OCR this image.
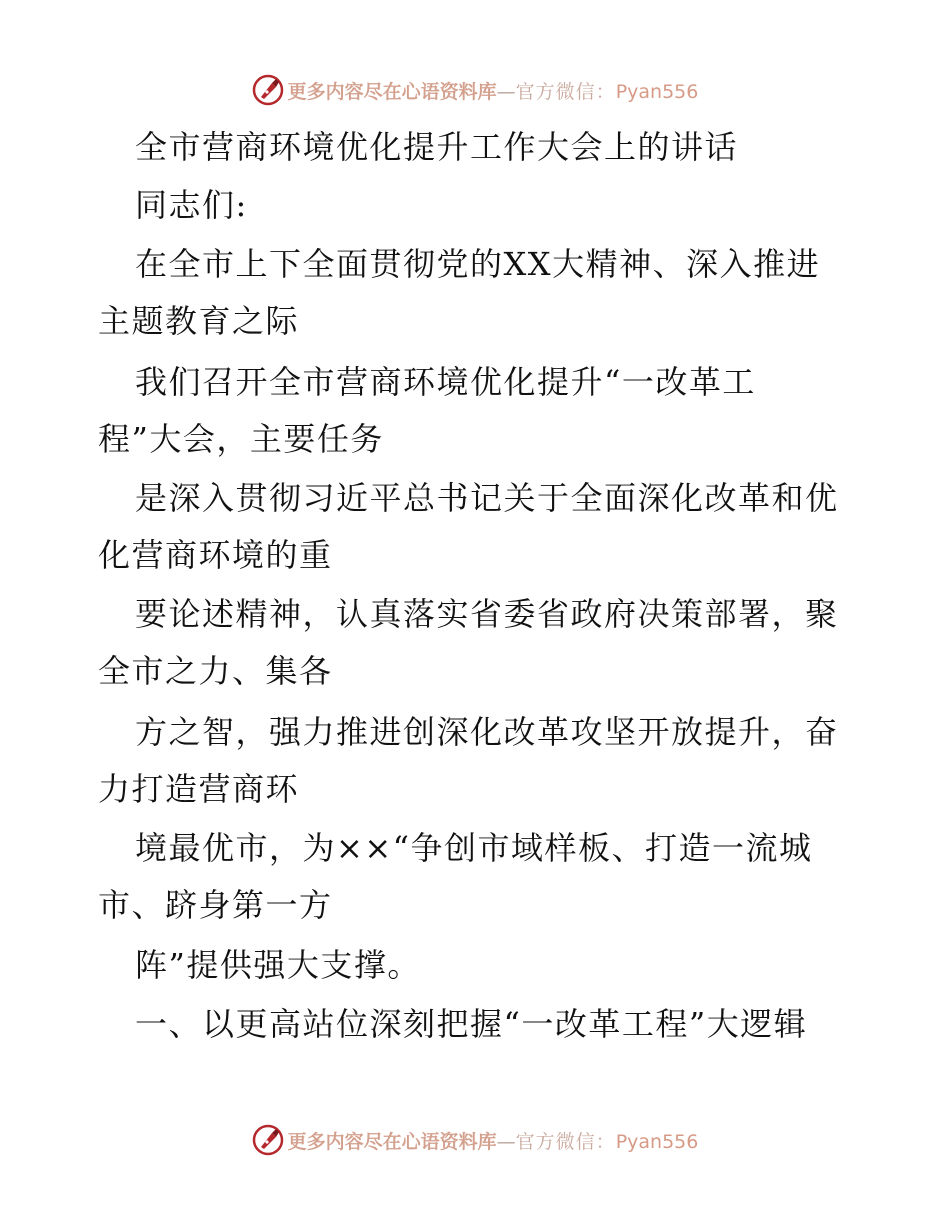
更多内容尽在心语资料库—官方微信：Pyan556
全市营商环境优化提升工作大会上的讲话
同志们:
在全市上下全面贯彻党的XX大精神、深入推进
主题教育之际
我们召开全市营商环境优化提升“一改革工
程”大会，主要任务
是深入贯彻习近平总书记关于全面深化改革和优
化营商环境的重
要论述精神，认真落实省委省政府决策部署，聚
全市之力、集各
方之智，强力推进创深化改革攻坚开放提升，奋
力打造营商环
境最优市，为××“争创市域样板、打造一流城
市、跻身第一方
阵”提供强大支撑。
一、以更高站位深刻把握“一改革工程”大逻辑
更多内容尽在心语资料库—官方微信：Pyan556
